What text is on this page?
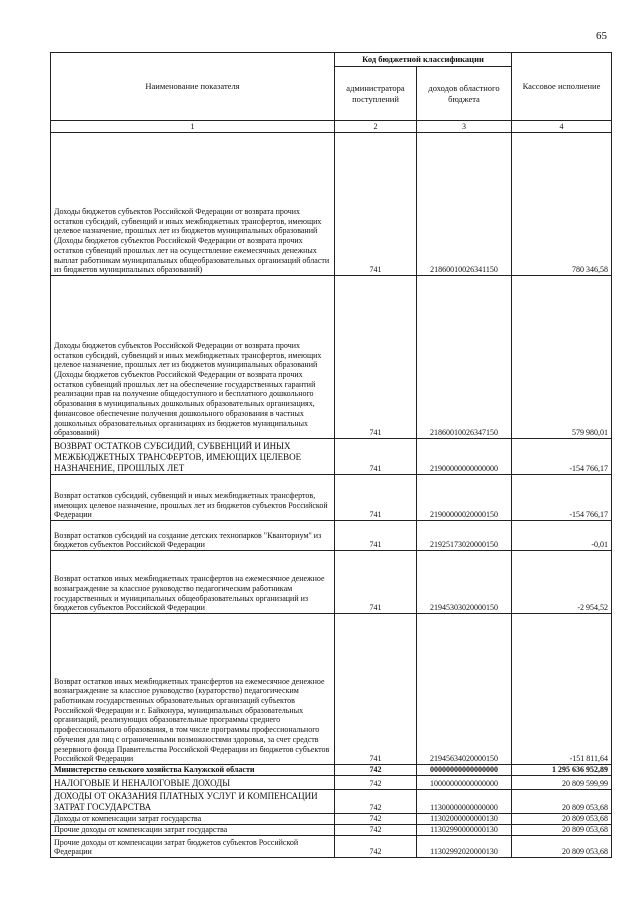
65
Наименование показателя	Код бюджетной классификации		Кассовое исполнение
	администратора поступлений	доходов областного бюджета	
1	2	3	4
Доходы бюджетов субъектов Российской Федерации от возврата прочих остатков субсидий, субвенций и иных межбюджетных трансфертов, имеющих целевое назначение, прошлых лет из бюджетов муниципальных образований (Доходы бюджетов субъектов Российской Федерации от возврата прочих остатков субвенций прошлых лет на осуществление ежемесячных денежных выплат работникам муниципальных общеобразовательных организаций области из бюджетов муниципальных образований)	741	21860010026341150	780 346,58
Доходы бюджетов субъектов Российской Федерации от возврата прочих остатков субсидий, субвенций и иных межбюджетных трансфертов, имеющих целевое назначение, прошлых лет из бюджетов муниципальных образований (Доходы бюджетов субъектов Российской Федерации от возврата прочих остатков субвенций прошлых лет на обеспечение государственных гарантий реализации прав на получение общедоступного и бесплатного дошкольного образования в муниципальных дошкольных образовательных организациях, финансовое обеспечение получения дошкольного образования в частных дошкольных образовательных организациях из бюджетов муниципальных образований)	741	21860010026347150	579 980,01
ВОЗВРАТ ОСТАТКОВ СУБСИДИЙ, СУБВЕНЦИЙ И ИНЫХ МЕЖБЮДЖЕТНЫХ ТРАНСФЕРТОВ, ИМЕЮЩИХ ЦЕЛЕВОЕ НАЗНАЧЕНИЕ, ПРОШЛЫХ ЛЕТ	741	21900000000000000	-154 766,17
Возврат остатков субсидий, субвенций и иных межбюджетных трансфертов, имеющих целевое назначение, прошлых лет из бюджетов субъектов Российской Федерации	741	21900000020000150	-154 766,17
Возврат остатков субсидий на создание детских технопарков "Кванториум" из бюджетов субъектов Российской Федерации	741	21925173020000150	-0,01
Возврат остатков иных межбюджетных трансфертов на ежемесячное денежное вознаграждение за классное руководство педагогическим работникам государственных и муниципальных общеобразовательных организаций из бюджетов субъектов Российской Федерации	741	21945303020000150	-2 954,52
Возврат остатков иных межбюджетных трансфертов на ежемесячное денежное вознаграждение за классное руководство (кураторство) педагогическим работникам государственных образовательных организаций субъектов Российской Федерации и г. Байконура, муниципальных образовательных организаций, реализующих образовательные программы среднего профессионального образования, в том числе программы профессионального обучения для лиц с ограниченными возможностями здоровья, за счет средств резервного фонда Правительства Российской Федерации из бюджетов субъектов Российской Федерации	741	21945634020000150	-151 811,64
Министерство сельского хозяйства Калужской области	742	00000000000000000	1 295 636 952,89
НАЛОГОВЫЕ И НЕНАЛОГОВЫЕ ДОХОДЫ	742	10000000000000000	20 809 599,99
ДОХОДЫ ОТ ОКАЗАНИЯ ПЛАТНЫХ УСЛУГ И КОМПЕНСАЦИИ ЗАТРАТ ГОСУДАРСТВА	742	11300000000000000	20 809 053,68
Доходы от компенсации затрат государства	742	11302000000000130	20 809 053,68
Прочие доходы от компенсации затрат государства	742	11302990000000130	20 809 053,68
Прочие доходы от компенсации затрат бюджетов субъектов Российской Федерации	742	11302992020000130	20 809 053,68
